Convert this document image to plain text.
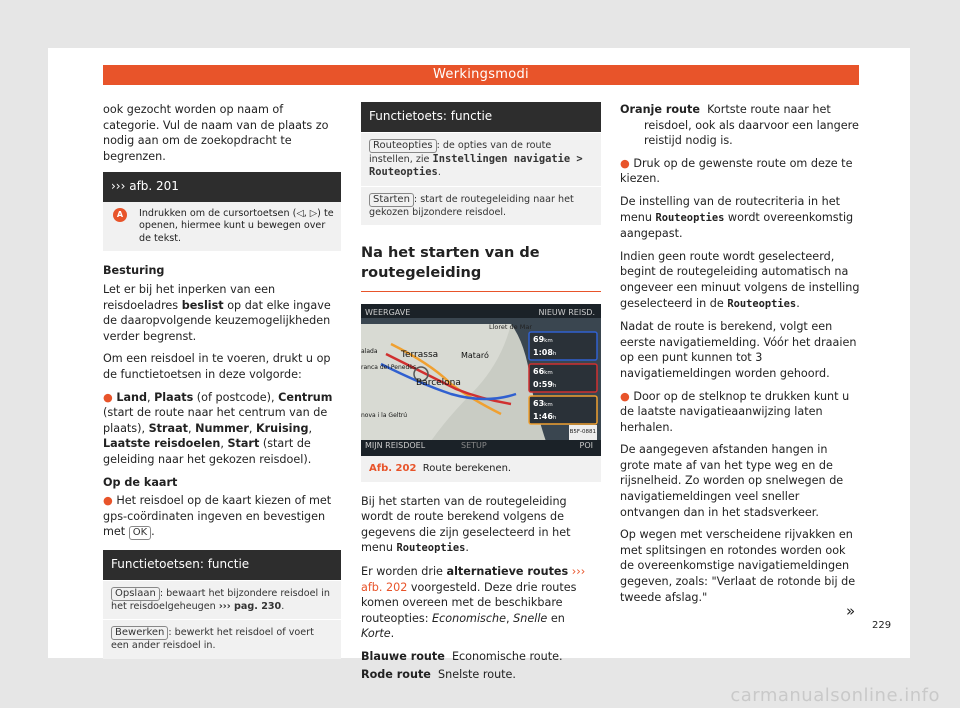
Werkingsmodi

ook gezocht worden op naam of categorie. Vul de naam van de plaats zo nodig aan om de zoekopdracht te begrenzen.

››› afb. 201
A	Indrukken om de cursortoetsen (◁, ▷) te openen, hiermee kunt u bewegen over de tekst.

Besturing

Let er bij het inperken van een reisdoeladres beslist op dat elke ingave de daaropvolgende keuzemogelijkheden verder begrenst.

Om een reisdoel in te voeren, drukt u op de functietoetsen in deze volgorde:

● Land, Plaats (of postcode), Centrum (start de route naar het centrum van de plaats), Straat, Nummer, Kruising, Laatste reisdoelen, Start (start de geleiding naar het gekozen reisdoel).

Op de kaart

● Het reisdoel op de kaart kiezen of met gps-coördinaten ingeven en bevestigen met OK .

Functietoetsen: functie
Opslaan : bewaart het bijzondere reisdoel in het reisdoelgeheugen ››› pag. 230.
Bewerken : bewerkt het reisdoel of voert een ander reisdoel in.
Functietoets: functie
Routeopties : de opties van de route instellen, zie Instellingen navigatie > Routeopties.
Starten : start de routegeleiding naar het gekozen bijzondere reisdoel.
Na het starten van de routegeleiding
WEERGAVE	NIEUW REISD.
MIJN REISDOEL	SETUP	POI
B5F-0881
Lloret de Mar
Terrassa	Mataró
Barcelona
ranca del Penedès
nova i la Geltrú
alada
69km
1:08h
66km
0:59h
63km
1:46h
Afb. 202 Route berekenen.

Bij het starten van de routegeleiding wordt de route berekend volgens de gegevens die zijn geselecteerd in het menu Routeopties.

Er worden drie alternatieve routes ››› afb. 202 voorgesteld. Deze drie routes komen overeen met de beschikbare routeopties: Economische, Snelle en Korte.

Blauwe route Economische route.

Rode route Snelste route.

Oranje route Kortste route naar het reisdoel, ook als daarvoor een langere reistijd nodig is.

● Druk op de gewenste route om deze te kiezen.

De instelling van de routecriteria in het menu Routeopties wordt overeenkomstig aangepast.

Indien geen route wordt geselecteerd, begint de routegeleiding automatisch na ongeveer een minuut volgens de instelling geselecteerd in de Routeopties.

Nadat de route is berekend, volgt een eerste navigatiemelding. Vóór het draaien op een punt kunnen tot 3 navigatiemeldingen worden gehoord.

● Door op de stelknop te drukken kunt u de laatste navigatieaanwijzing laten herhalen.

De aangegeven afstanden hangen in grote mate af van het type weg en de rijsnelheid. Zo worden op snelwegen de navigatiemeldingen veel sneller ontvangen dan in het stadsverkeer.

Op wegen met verscheidene rijvakken en met splitsingen en rotondes worden ook de overeenkomstige navigatiemeldingen gegeven, zoals: "Verlaat de rotonde bij de tweede afslag."

»
229
carmanualsonline.info
